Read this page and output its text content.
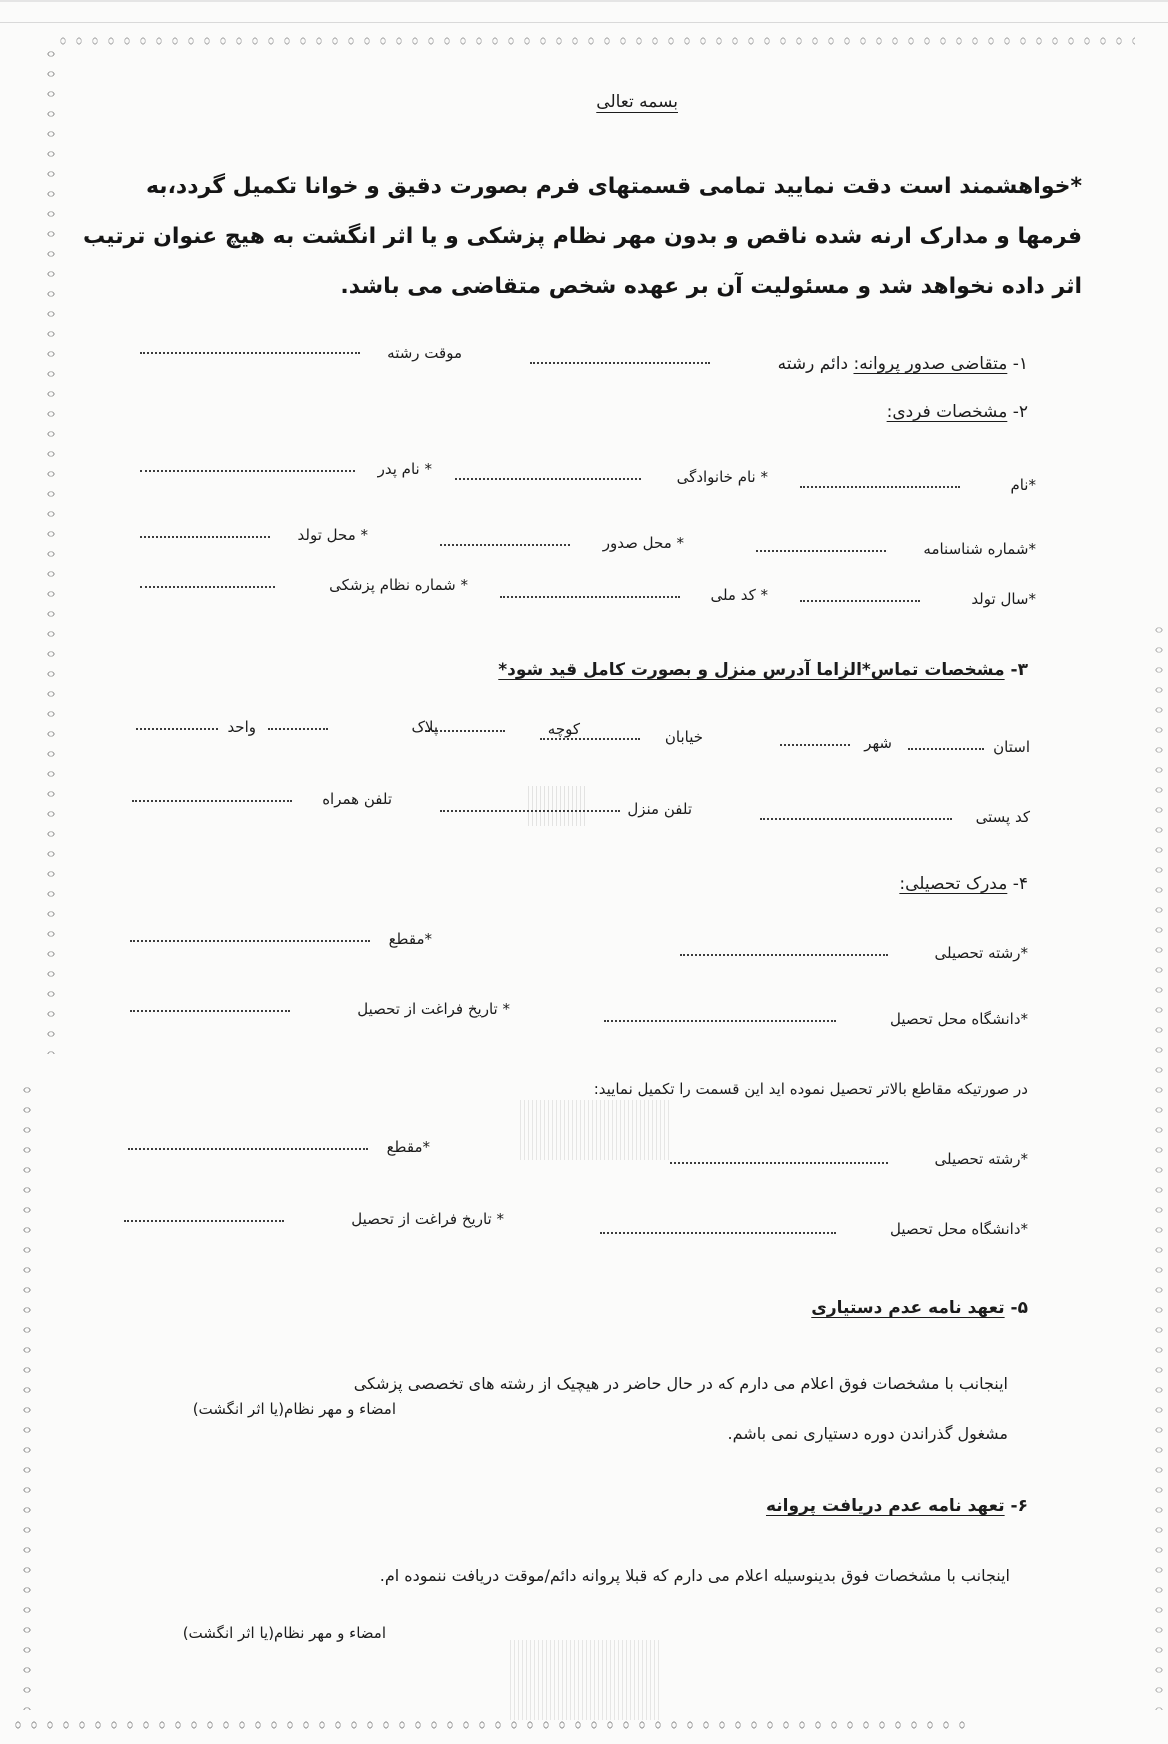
بسمه تعالی
*خواهشمند است دقت نمایید تمامی قسمتهای فرم بصورت دقیق و خوانا تکمیل گردد،به
فرمها و مدارک ارنه شده ناقص و بدون مهر نظام پزشکی و یا اثر انگشت به هیچ عنوان ترتیب
اثر داده نخواهد شد و مسئولیت آن بر عهده شخص متقاضی می باشد.
۱- متقاضی صدور پروانه: دائم رشته
موقت رشته
۲- مشخصات فردی:
*نام
* نام خانوادگی
* نام پدر
*شماره شناسنامه
* محل صدور
* محل تولد
*سال تولد
* کد ملی
* شماره نظام پزشکی
۳- مشخصات تماس*الزاما آدرس منزل و بصورت کامل قید شود*
استان
شهر
خیابان
کوچه
پلاک
واحد
کد پستی
تلفن منزل
تلفن همراه
۴- مدرک تحصیلی:
*رشته تحصیلی
*مقطع
*دانشگاه محل تحصیل
* تاریخ فراغت از تحصیل
در صورتیکه مقاطع بالاتر تحصیل نموده اید این قسمت را تکمیل نمایید:
*رشته تحصیلی
*مقطع
*دانشگاه محل تحصیل
* تاریخ فراغت از تحصیل
۵- تعهد نامه عدم دستیاری
اینجانب با مشخصات فوق اعلام می دارم که در حال حاضر در هیچیک از رشته های تخصصی پزشکی
مشغول گذراندن دوره دستیاری نمی باشم.
امضاء و مهر نظام(یا اثر انگشت)
۶- تعهد نامه عدم دریافت پروانه
اینجانب با مشخصات فوق بدینوسیله اعلام می دارم که قبلا پروانه دائم/موقت دریافت ننموده ام.
امضاء و مهر نظام(یا اثر انگشت)
